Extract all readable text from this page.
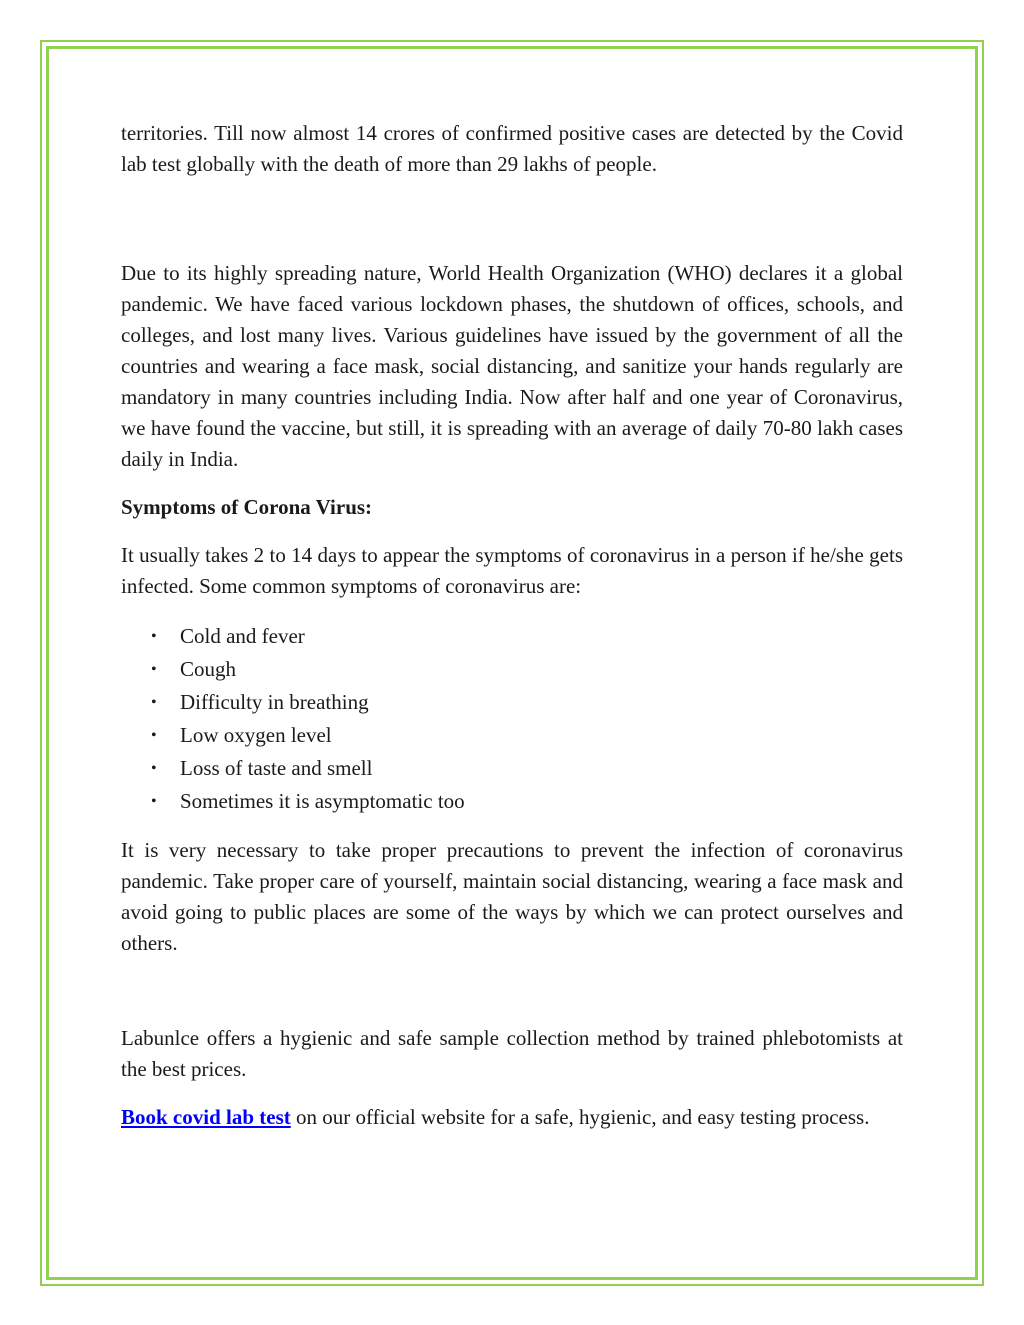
territories. Till now almost 14 crores of confirmed positive cases are detected by the Covid lab test globally with the death of more than 29 lakhs of people.

Due to its highly spreading nature, World Health Organization (WHO) declares it a global pandemic. We have faced various lockdown phases, the shutdown of offices, schools, and colleges, and lost many lives. Various guidelines have issued by the government of all the countries and wearing a face mask, social distancing, and sanitize your hands regularly are mandatory in many countries including India. Now after half and one year of Coronavirus, we have found the vaccine, but still, it is spreading with an average of daily 70-80 lakh cases daily in India.

Symptoms of Corona Virus:

It usually takes 2 to 14 days to appear the symptoms of coronavirus in a person if he/she gets infected. Some common symptoms of coronavirus are:

• Cold and fever
• Cough
• Difficulty in breathing
• Low oxygen level
• Loss of taste and smell
• Sometimes it is asymptomatic too

It is very necessary to take proper precautions to prevent the infection of coronavirus pandemic. Take proper care of yourself, maintain social distancing, wearing a face mask and avoid going to public places are some of the ways by which we can protect ourselves and others.

Labunlce offers a hygienic and safe sample collection method by trained phlebotomists at the best prices.

Book covid lab test on our official website for a safe, hygienic, and easy testing process.
